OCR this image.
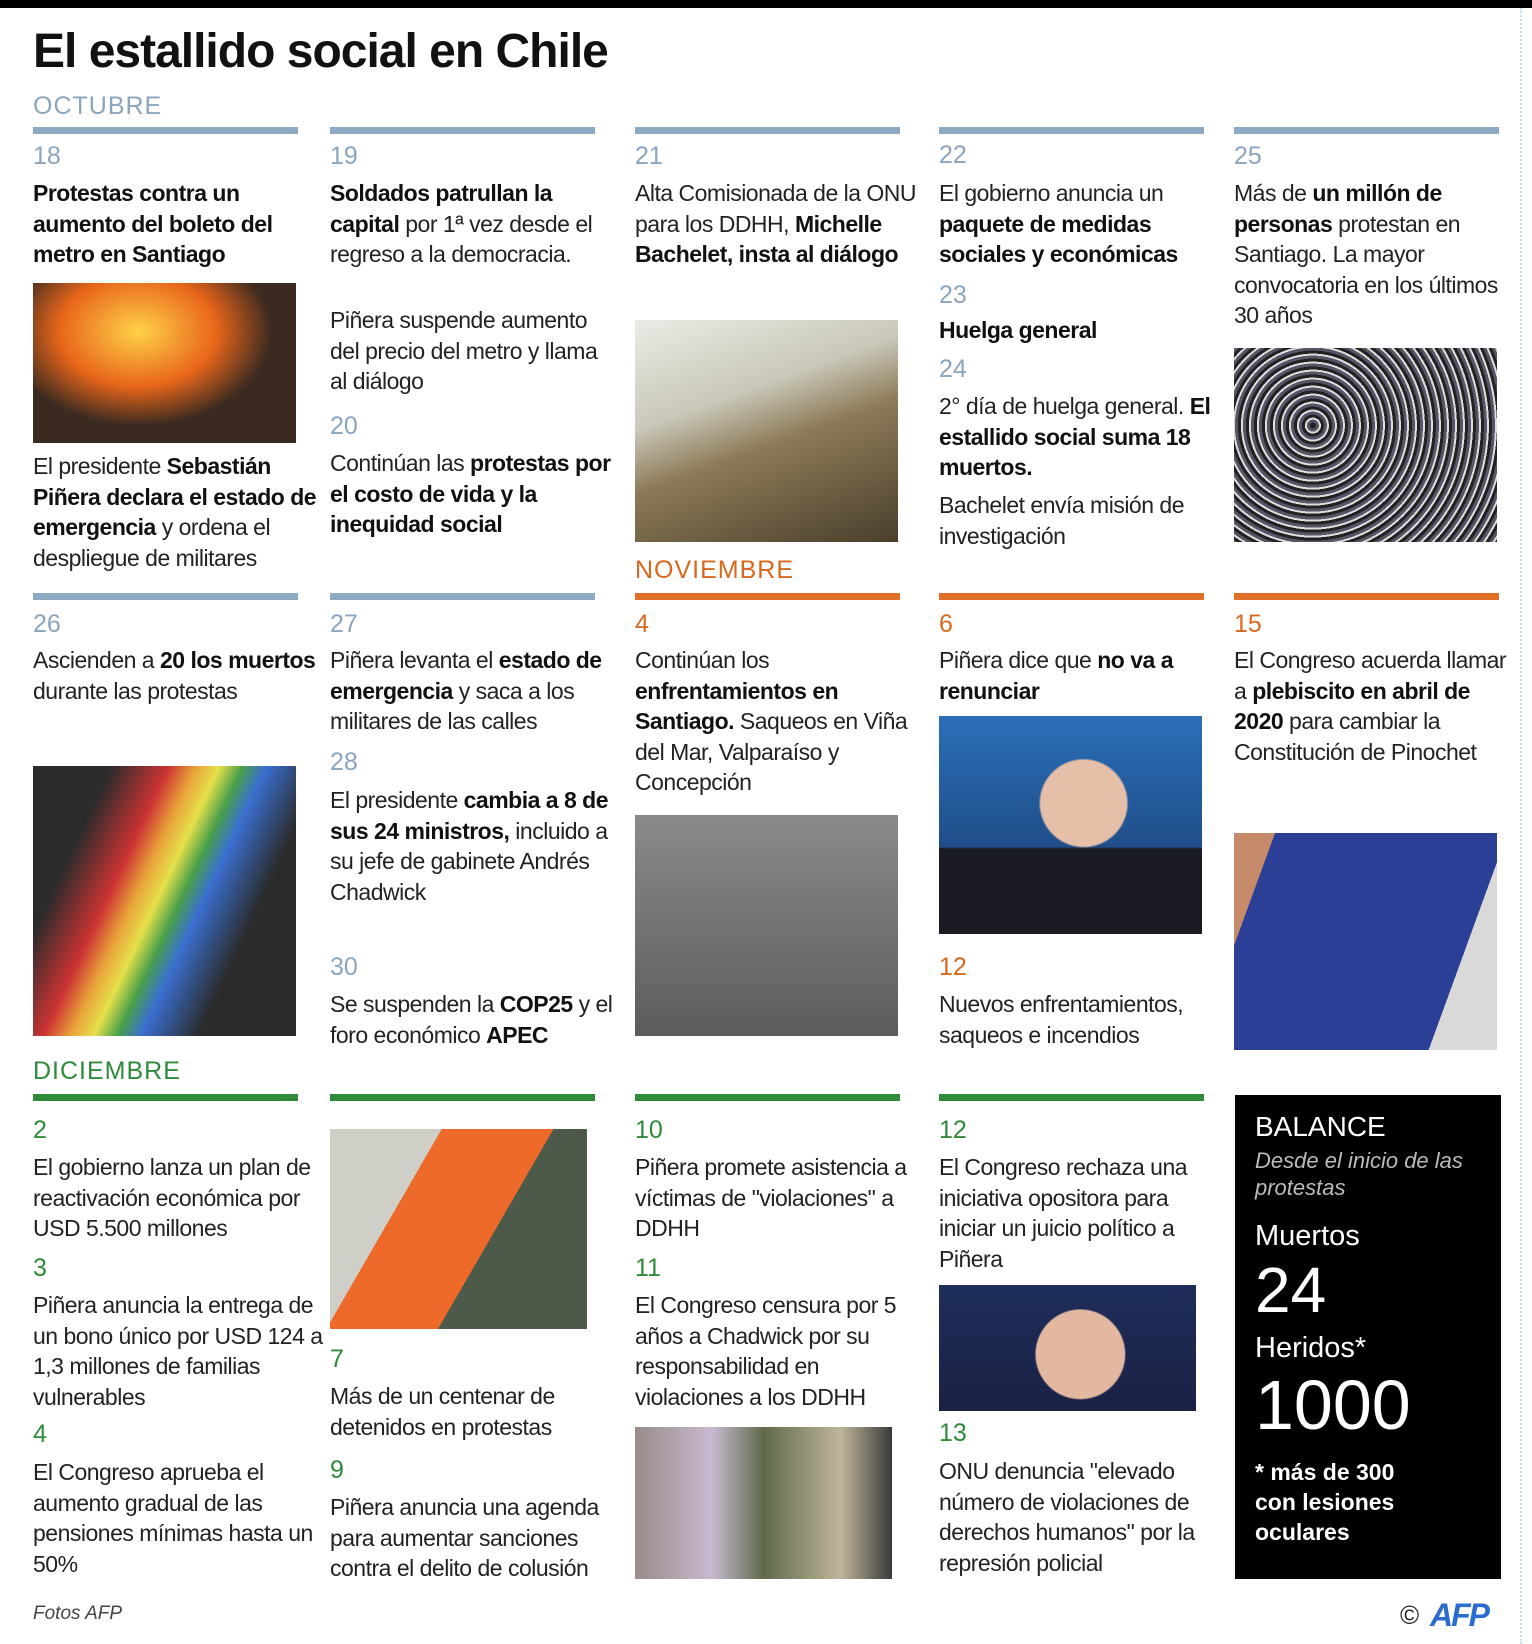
El estallido social en Chile
OCTUBRE
NOVIEMBRE
DICIEMBRE
18
Protestas contra un aumento del boleto del metro en Santiago
El presidente Sebastián Piñera declara el estado de emergencia y ordena el despliegue de militares
19
Soldados patrullan la capital por 1ª vez desde el regreso a la democracia.
Piñera suspende aumento del precio del metro y llama al diálogo
20
Continúan las protestas por el costo de vida y la inequidad social
21
Alta Comisionada de la ONU para los DDHH, Michelle Bachelet, insta al diálogo
22
El gobierno anuncia un paquete de medidas sociales y económicas
23
Huelga general
24
2° día de huelga general. El estallido social suma 18 muertos.
Bachelet envía misión de investigación
25
Más de un millón de personas protestan en Santiago. La mayor convocatoria en los últimos 30 años
26
Ascienden a 20 los muertos durante las protestas
27
Piñera levanta el estado de emergencia y saca a los militares de las calles
28
El presidente cambia a 8 de sus 24 ministros, incluido a su jefe de gabinete Andrés Chadwick
30
Se suspenden la COP25 y el foro económico APEC
4
Continúan los enfrentamientos en Santiago. Saqueos en Viña del Mar, Valparaíso y Concepción
6
Piñera dice que no va a renunciar
12
Nuevos enfrentamientos, saqueos e incendios
15
El Congreso acuerda llamar a plebiscito en abril de 2020 para cambiar la Constitución de Pinochet
2
El gobierno lanza un plan de reactivación económica por USD 5.500 millones
3
Piñera anuncia la entrega de un bono único por USD 124 a 1,3 millones de familias vulnerables
4
El Congreso aprueba el aumento gradual de las pensiones mínimas hasta un 50%
7
Más de un centenar de detenidos en protestas
9
Piñera anuncia una agenda para aumentar sanciones contra el delito de colusión
10
Piñera promete asistencia a víctimas de "violaciones" a DDHH
11
El Congreso censura por 5 años a Chadwick por su responsabilidad en violaciones a los DDHH
12
El Congreso rechaza una iniciativa opositora para iniciar un juicio político a Piñera
13
ONU denuncia "elevado número de violaciones de derechos humanos" por la represión policial
BALANCE
Desde el inicio de las protestas
Muertos
24
Heridos*
1000
* más de 300 con lesiones oculares
Fotos AFP	© AFP
